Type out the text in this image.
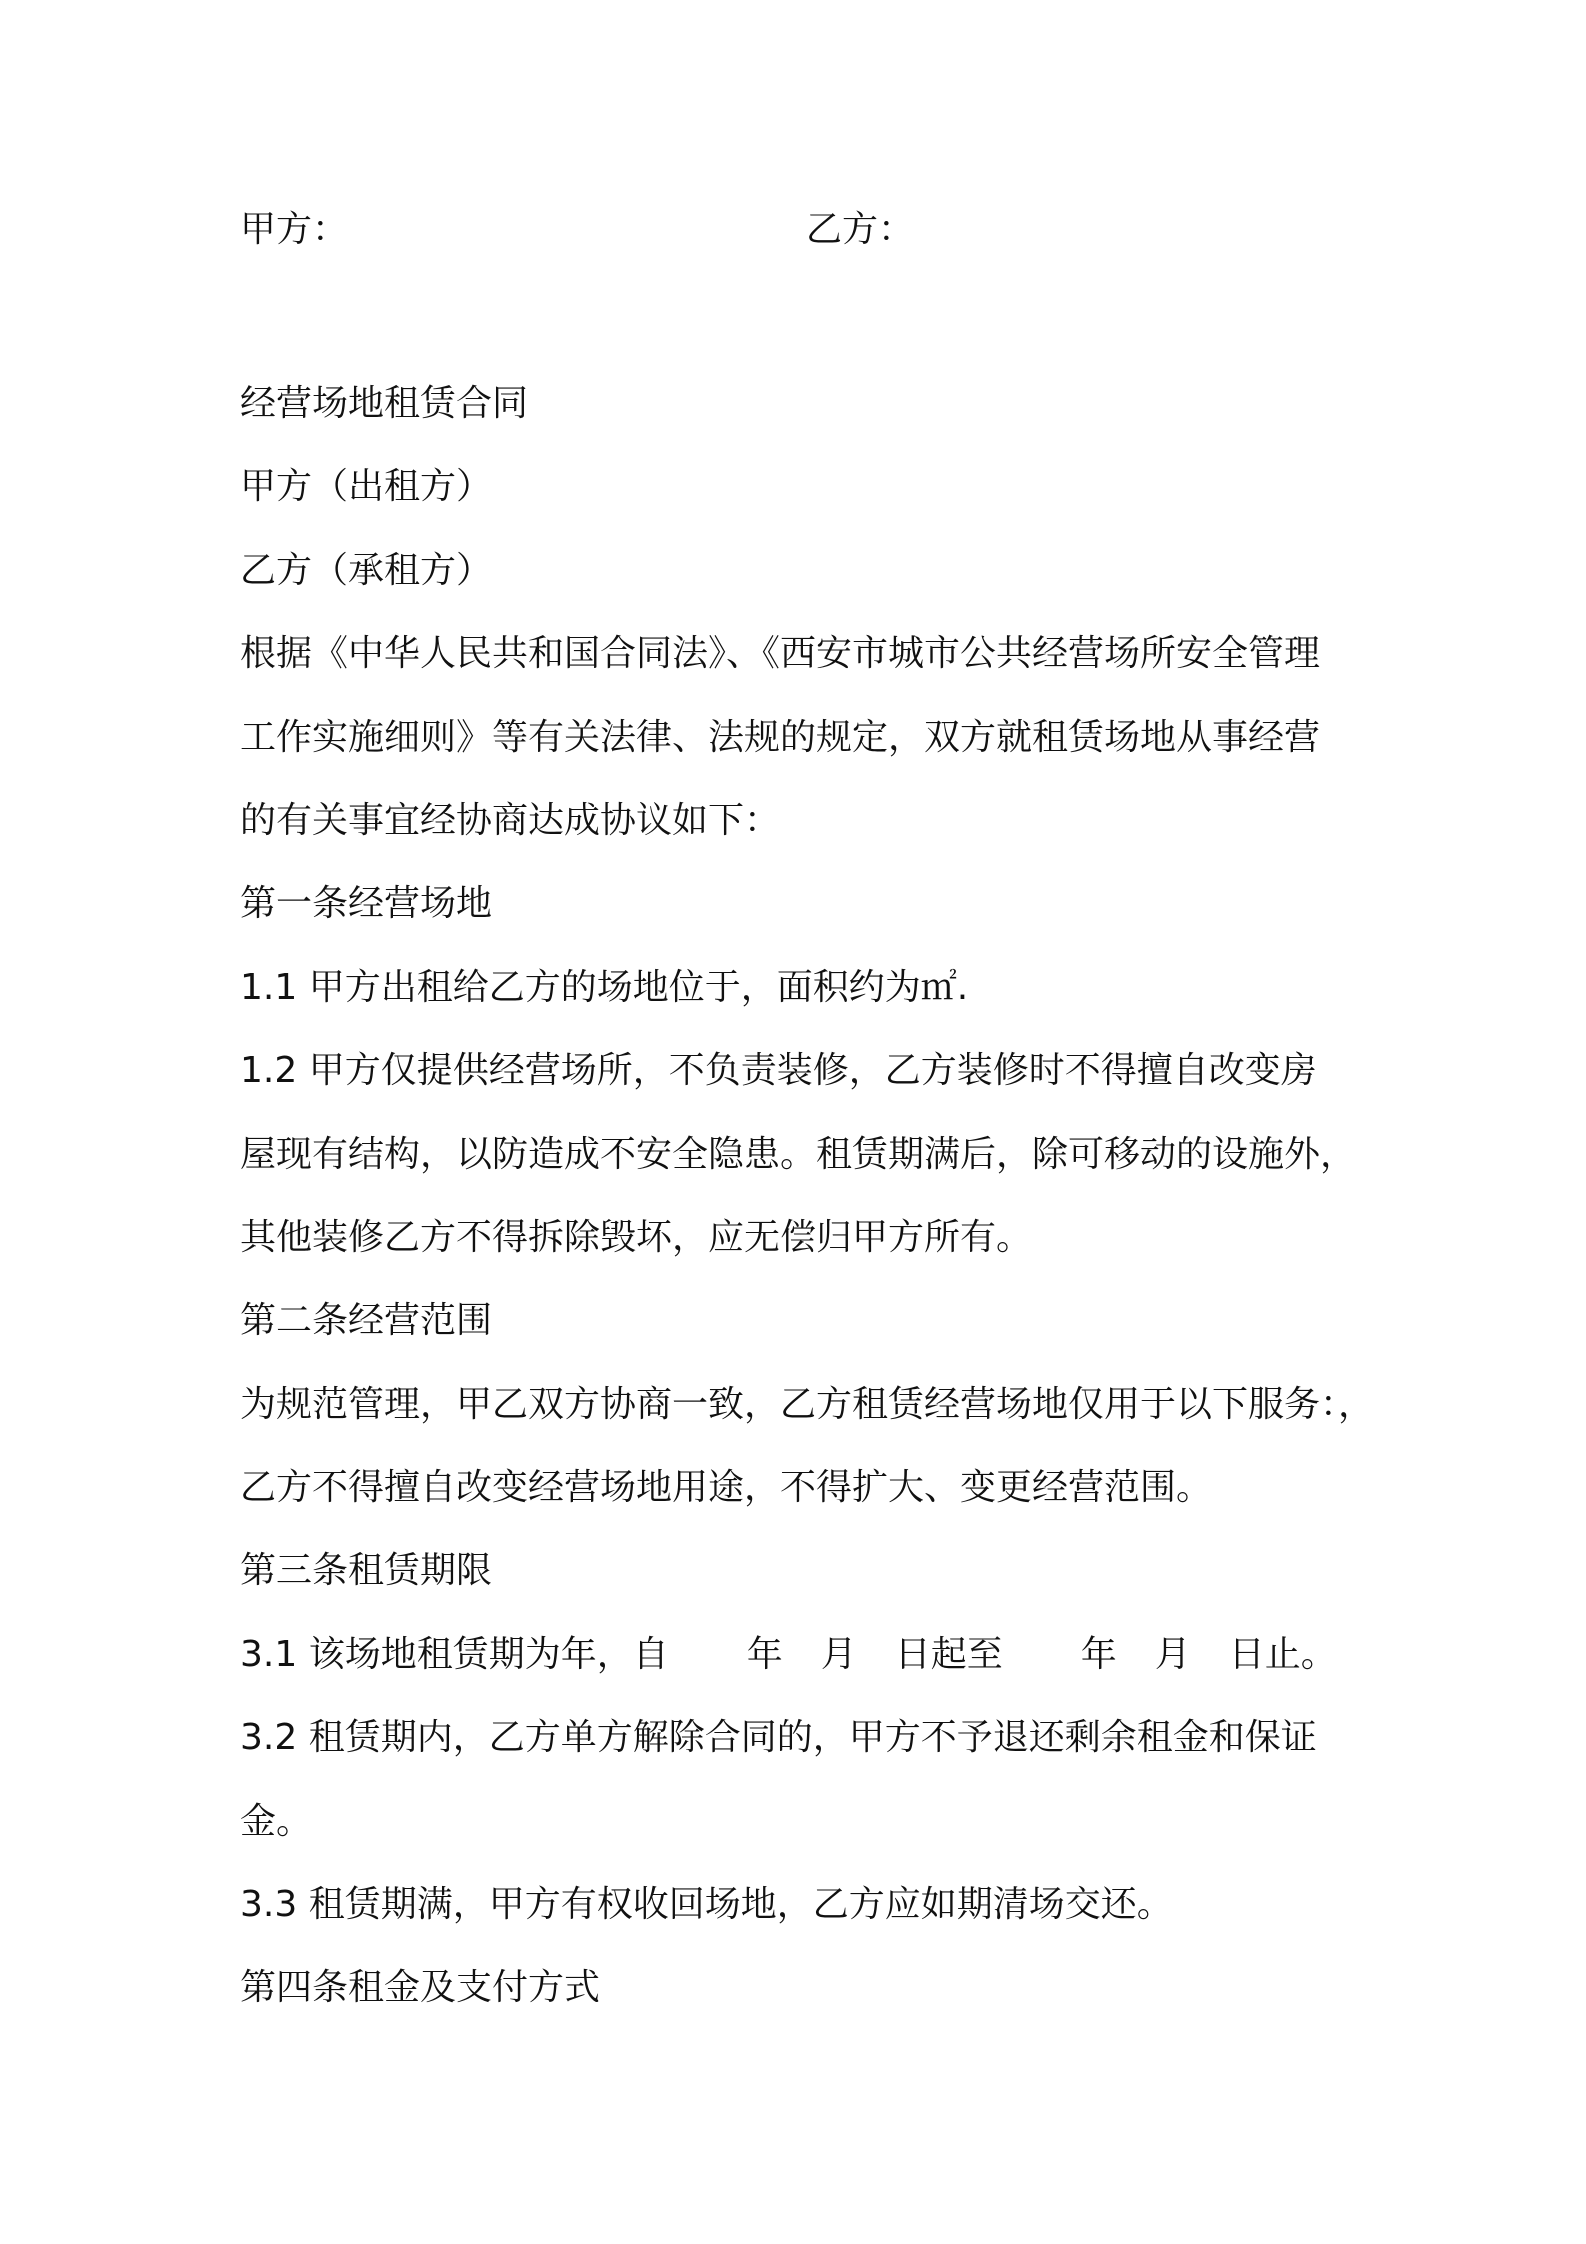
甲方：	乙方：
经营场地租赁合同
甲方（出租方）
乙方（承租方）
根据《中华人民共和国合同法》、《西安市城市公共经营场所安全管理
工作实施细则》等有关法律、法规的规定，双方就租赁场地从事经营
的有关事宜经协商达成协议如下：
第一条经营场地
1.1 甲方出租给乙方的场地位于，面积约为㎡.
1.2 甲方仅提供经营场所，不负责装修，乙方装修时不得擅自改变房
屋现有结构，以防造成不安全隐患。租赁期满后，除可移动的设施外，
其他装修乙方不得拆除毁坏，应无偿归甲方所有。
第二条经营范围
为规范管理，甲乙双方协商一致，乙方租赁经营场地仅用于以下服务：，
乙方不得擅自改变经营场地用途，不得扩大、变更经营范围。
第三条租赁期限
3.1 该场地租赁期为年，自 年 月 日起至 年 月 日止。
3.2 租赁期内，乙方单方解除合同的，甲方不予退还剩余租金和保证
金。
3.3 租赁期满，甲方有权收回场地，乙方应如期清场交还。
第四条租金及支付方式
